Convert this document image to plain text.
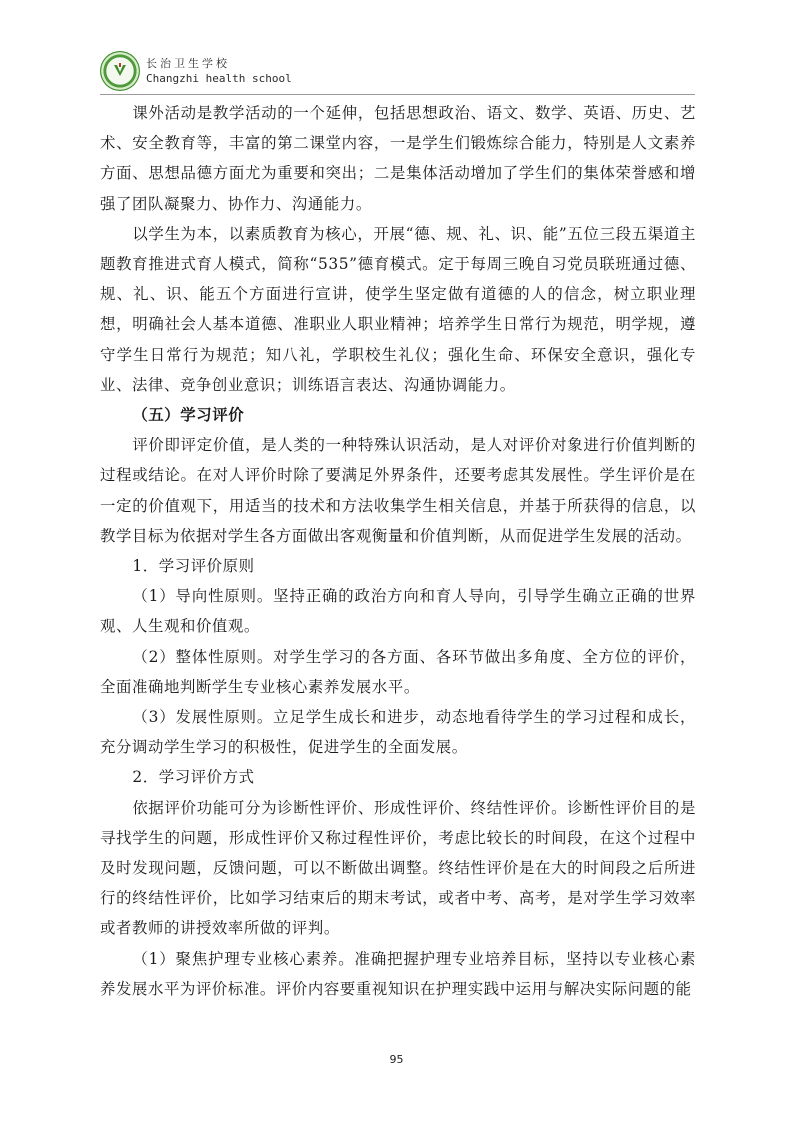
长治卫生学校
Changzhi health school

课外活动是教学活动的一个延伸，包括思想政治、语文、数学、英语、历史、艺术、安全教育等，丰富的第二课堂内容，一是学生们锻炼综合能力，特别是人文素养方面、思想品德方面尤为重要和突出；二是集体活动增加了学生们的集体荣誉感和增强了团队凝聚力、协作力、沟通能力。

以学生为本，以素质教育为核心，开展“德、规、礼、识、能”五位三段五渠道主题教育推进式育人模式，简称“535”德育模式。定于每周三晚自习党员联班通过德、规、礼、识、能五个方面进行宣讲，使学生坚定做有道德的人的信念，树立职业理想，明确社会人基本道德、准职业人职业精神；培养学生日常行为规范，明学规，遵守学生日常行为规范；知八礼，学职校生礼仪；强化生命、环保安全意识，强化专业、法律、竞争创业意识；训练语言表达、沟通协调能力。

（五）学习评价

评价即评定价值，是人类的一种特殊认识活动，是人对评价对象进行价值判断的过程或结论。在对人评价时除了要满足外界条件，还要考虑其发展性。学生评价是在一定的价值观下，用适当的技术和方法收集学生相关信息，并基于所获得的信息，以教学目标为依据对学生各方面做出客观衡量和价值判断，从而促进学生发展的活动。

1．学习评价原则

（1）导向性原则。坚持正确的政治方向和育人导向，引导学生确立正确的世界观、人生观和价值观。

（2）整体性原则。对学生学习的各方面、各环节做出多角度、全方位的评价，全面准确地判断学生专业核心素养发展水平。

（3）发展性原则。立足学生成长和进步，动态地看待学生的学习过程和成长，充分调动学生学习的积极性，促进学生的全面发展。

2．学习评价方式

依据评价功能可分为诊断性评价、形成性评价、终结性评价。诊断性评价目的是寻找学生的问题，形成性评价又称过程性评价，考虑比较长的时间段，在这个过程中及时发现问题，反馈问题，可以不断做出调整。终结性评价是在大的时间段之后所进行的终结性评价，比如学习结束后的期末考试，或者中考、高考，是对学生学习效率或者教师的讲授效率所做的评判。

（1）聚焦护理专业核心素养。准确把握护理专业培养目标，坚持以专业核心素养发展水平为评价标准。评价内容要重视知识在护理实践中运用与解决实际问题的能

95
